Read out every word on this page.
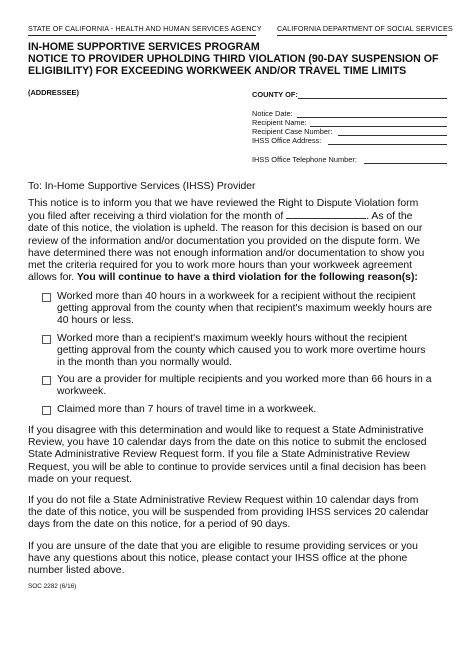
STATE OF CALIFORNIA - HEALTH AND HUMAN SERVICES AGENCY CALIFORNIA DEPARTMENT OF SOCIAL SERVICES
IN-HOME SUPPORTIVE SERVICES PROGRAM
NOTICE TO PROVIDER UPHOLDING THIRD VIOLATION (90-DAY SUSPENSION OF
ELIGIBILITY) FOR EXCEEDING WORKWEEK AND/OR TRAVEL TIME LIMITS
(ADDRESSEE)	COUNTY OF:
Notice Date:
Recipient Name:
Recipient Case Number:
IHSS Office Address:
IHSS Office Telephone Number:
To: In-Home Supportive Services (IHSS) Provider
This notice is to inform you that we have reviewed the Right to Dispute Violation form
you filed after receiving a third violation for the month of	. As of the
date of this notice, the violation is upheld. The reason for this decision is based on our
review of the information and/or documentation you provided on the dispute form. We
have determined there was not enough information and/or documentation to show you
met the criteria required for you to work more hours than your workweek agreement
allows for. You will continue to have a third violation for the following reason(s):
Worked more than 40 hours in a workweek for a recipient without the recipient
getting approval from the county when that recipient's maximum weekly hours are
40 hours or less.
Worked more than a recipient's maximum weekly hours without the recipient
getting approval from the county which caused you to work more overtime hours
in the month than you normally would.
You are a provider for multiple recipients and you worked more than 66 hours in a
workweek.
Claimed more than 7 hours of travel time in a workweek.
If you disagree with this determination and would like to request a State Administrative
Review, you have 10 calendar days from the date on this notice to submit the enclosed
State Administrative Review Request form. If you file a State Administrative Review
Request, you will be able to continue to provide services until a final decision has been
made on your request.
If you do not file a State Administrative Review Request within 10 calendar days from
the date of this notice, you will be suspended from providing IHSS services 20 calendar
days from the date on this notice, for a period of 90 days.
If you are unsure of the date that you are eligible to resume providing services or you
have any questions about this notice, please contact your IHSS office at the phone
number listed above.
SOC 2282 (6/16)
